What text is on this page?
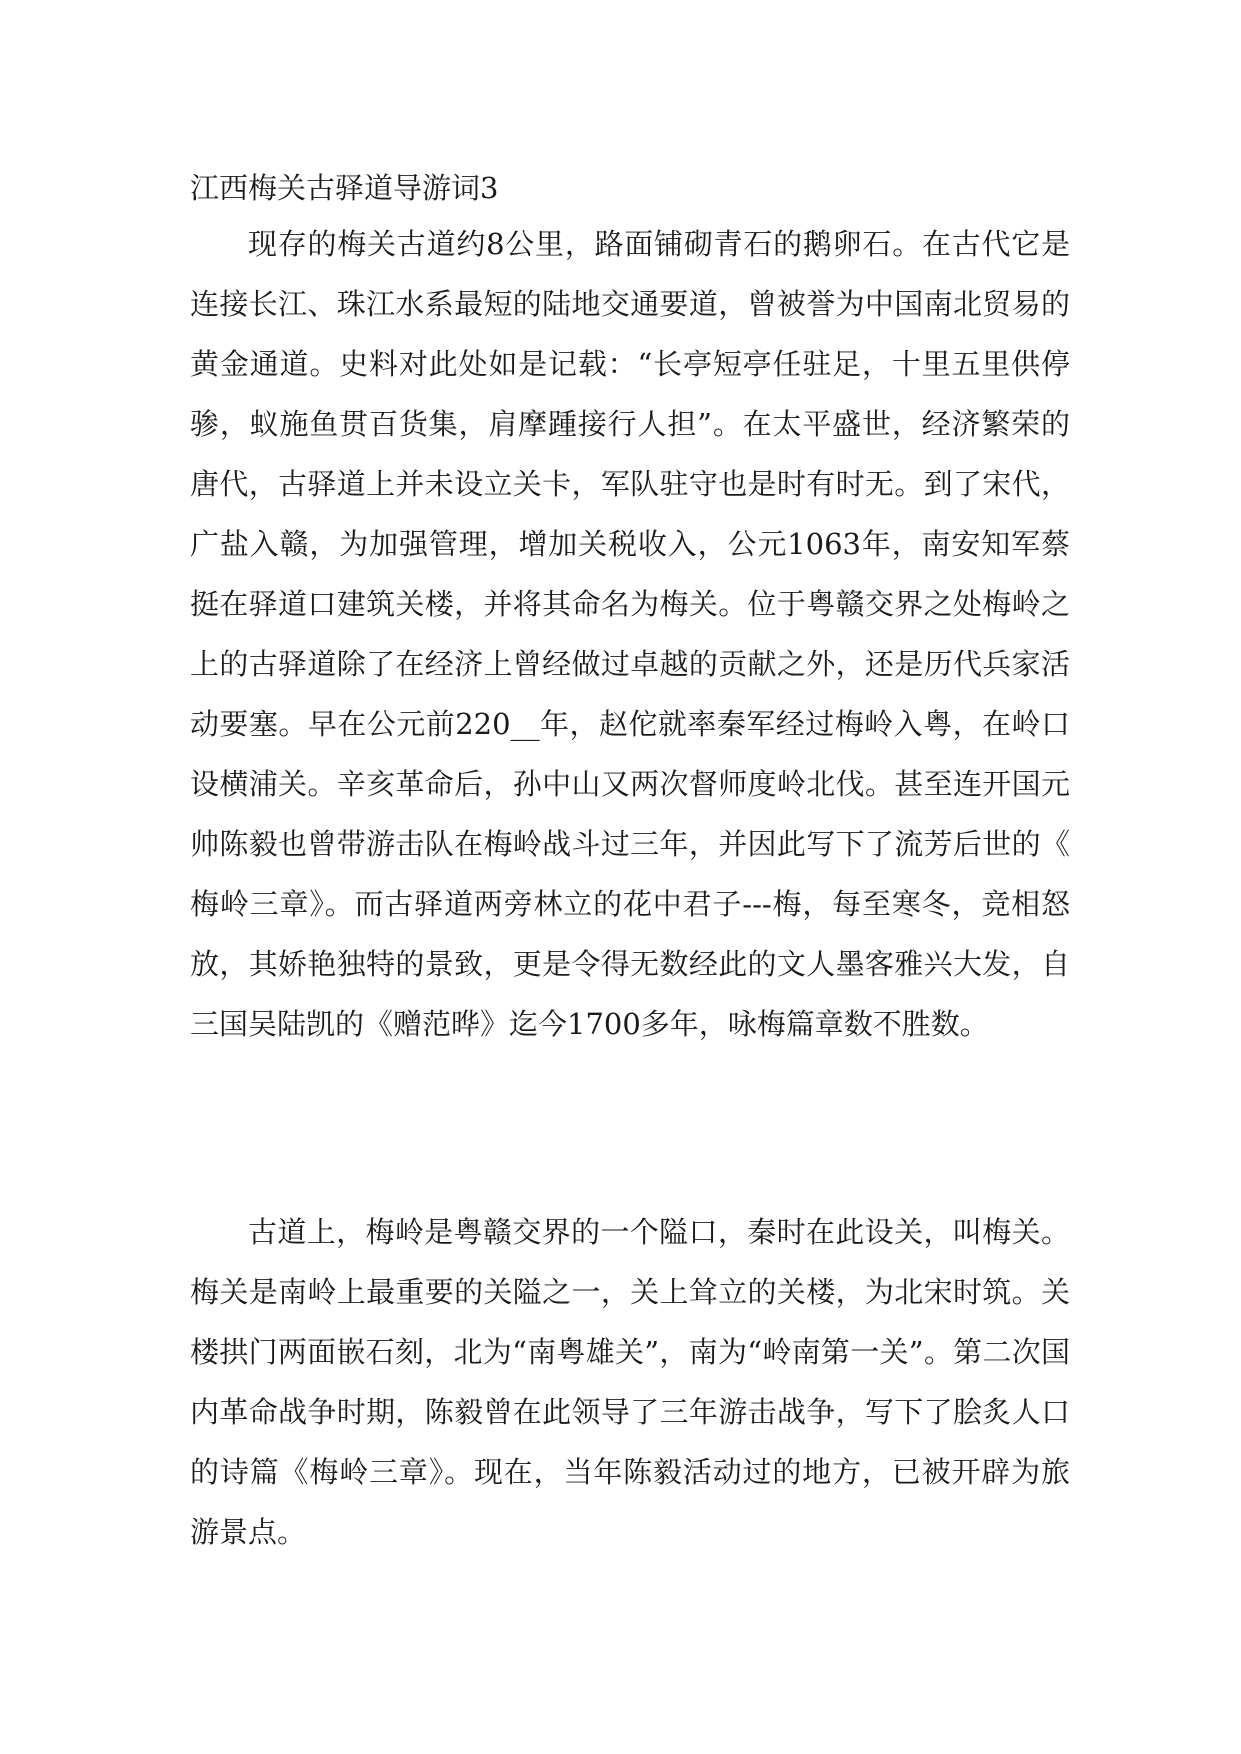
江西梅关古驿道导游词3

现存的梅关古道约8公里，路面铺砌青石的鹅卵石。在古代它是连接长江、珠江水系最短的陆地交通要道，曾被誉为中国南北贸易的黄金通道。史料对此处如是记载：“长亭短亭任驻足，十里五里供停骖，蚁施鱼贯百货集，肩摩踵接行人担”。在太平盛世，经济繁荣的唐代，古驿道上并未设立关卡，军队驻守也是时有时无。到了宋代，广盐入赣，为加强管理，增加关税收入，公元1063年，南安知军蔡挺在驿道口建筑关楼，并将其命名为梅关。位于粤赣交界之处梅岭之上的古驿道除了在经济上曾经做过卓越的贡献之外，还是历代兵家活动要塞。早在公元前220__年，赵佗就率秦军经过梅岭入粤，在岭口设横浦关。辛亥革命后，孙中山又两次督师度岭北伐。甚至连开国元帅陈毅也曾带游击队在梅岭战斗过三年，并因此写下了流芳后世的《梅岭三章》。而古驿道两旁林立的花中君子---梅，每至寒冬，竞相怒放，其娇艳独特的景致，更是令得无数经此的文人墨客雅兴大发，自三国吴陆凯的《赠范晔》迄今1700多年，咏梅篇章数不胜数。

古道上，梅岭是粤赣交界的一个隘口，秦时在此设关，叫梅关。梅关是南岭上最重要的关隘之一，关上耸立的关楼，为北宋时筑。关楼拱门两面嵌石刻，北为“南粤雄关”，南为“岭南第一关”。第二次国内革命战争时期，陈毅曾在此领导了三年游击战争，写下了脍炙人口的诗篇《梅岭三章》。现在，当年陈毅活动过的地方，已被开辟为旅游景点。
